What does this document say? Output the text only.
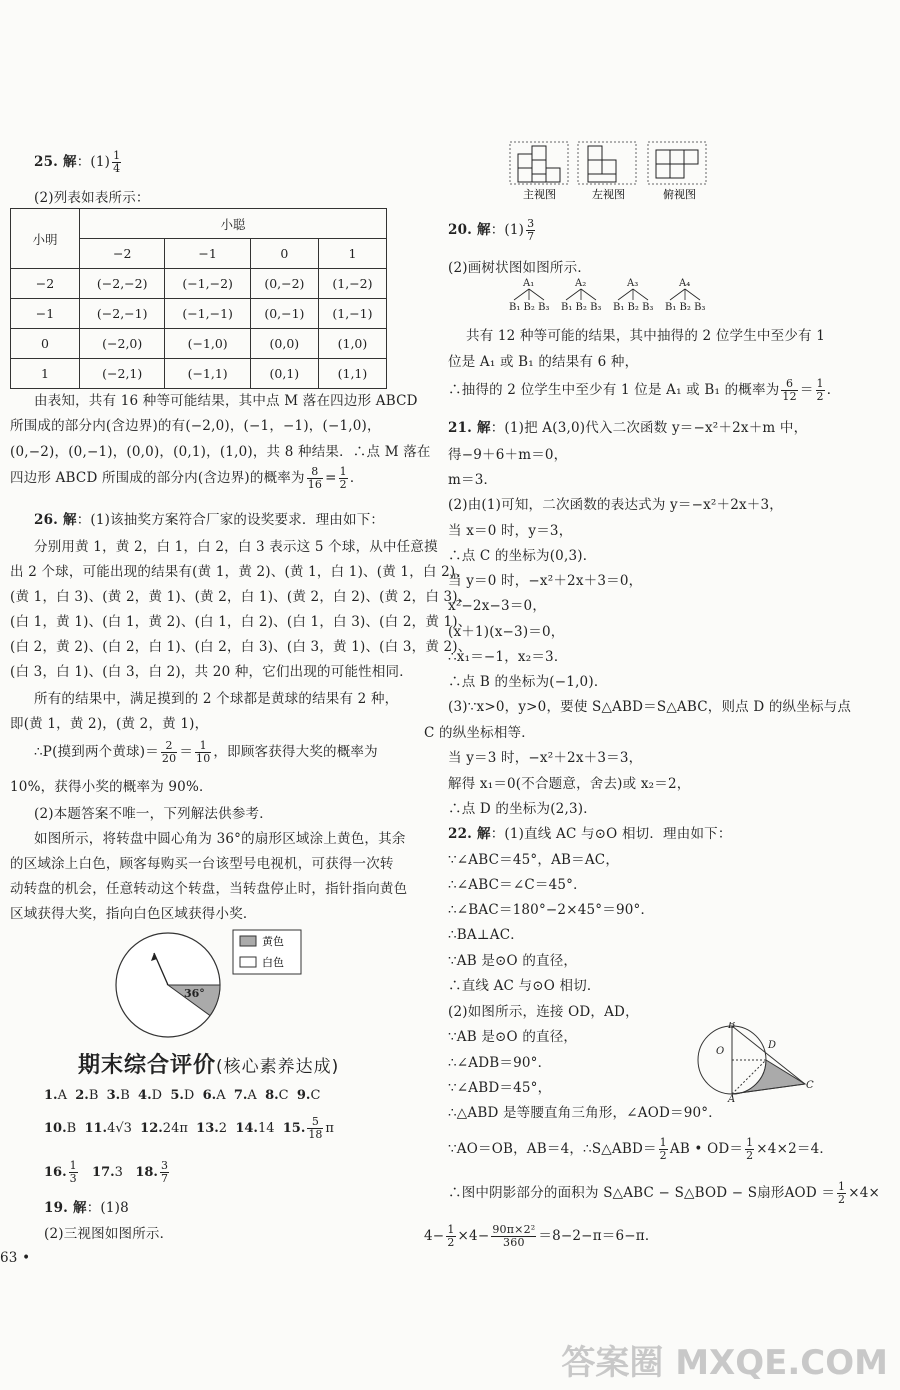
25. 解：$(1) \frac{1}{4}$
(2)列表如表所示：
小明	小聪			
	−2	−1	0	1
−2	(−2,−2)	(−1,−2)	(0,−2)	(1,−2)
−1	(−2,−1)	(−1,−1)	(0,−1)	(1,−1)
0	(−2,0)	(−1,0)	(0,0)	(1,0)
1	(−2,1)	(−1,1)	(0,1)	(1,1)
由表知，共有 16 种等可能结果，其中点 M 落在四边形 ABCD
所围成的部分内(含边界)的有(−2,0)，(−1，−1)，(−1,0)，
(0,−2)，(0,−1)，(0,0)，(0,1)，(1,0)，共 8 种结果．∴点 M 落在
四边形 ABCD 所围成的部分内(含边界)的概率为 $\frac{8}{16} = \frac{1}{2}$ ．
26. 解：(1)该抽奖方案符合厂家的设奖要求．理由如下：
分别用黄 1，黄 2，白 1，白 2，白 3 表示这 5 个球，从中任意摸
出 2 个球，可能出现的结果有(黄 1，黄 2)、(黄 1，白 1)、(黄 1，白 2)、
(黄 1，白 3)、(黄 2，黄 1)、(黄 2，白 1)、(黄 2，白 2)、(黄 2，白 3)、
(白 1，黄 1)、(白 1，黄 2)、(白 1，白 2)、(白 1，白 3)、(白 2，黄 1)、
(白 2，黄 2)、(白 2，白 1)、(白 2，白 3)、(白 3，黄 1)、(白 3，黄 2)、
(白 3，白 1)、(白 3，白 2)，共 20 种，它们出现的可能性相同．
所有的结果中，满足摸到的 2 个球都是黄球的结果有 2 种，
即(黄 1，黄 2)，(黄 2，黄 1)，
∴P(摸到两个黄球)＝ $\frac{2}{20} = \frac{1}{10}$ ，即顾客获得大奖的概率为
10%，获得小奖的概率为 90%．
(2)本题答案不唯一，下列解法供参考．
如图所示，将转盘中圆心角为 36°的扇形区域涂上黄色，其余
的区域涂上白色，顾客每购买一台该型号电视机，可获得一次转
动转盘的机会，任意转动这个转盘，当转盘停止时，指针指向黄色
区域获得大奖，指向白色区域获得小奖．
36°
黄色
白色
期末综合评价(核心素养达成)
1.A 2.B 3.B 4.D 5.D 6.A 7.A 8.C 9.C
10.B 11.4√3 12.24π 13.2 14.14 15. $\frac{5}{18}$ π
16. $\frac{1}{3} 17.3$ 18. $\frac{3}{7}$
19. 解：(1)8
(2)三视图如图所示．
63 •
主视图	左视图	俯视图
20. 解：$(1) \frac{3}{7}$
(2)画树状图如图所示．
A₁	A₂	A₃	A₄
B₁ B₂ B₃ B₁ B₂ B₃ B₁ B₂ B₃ B₁ B₂ B₃
共有 12 种等可能的结果，其中抽得的 2 位学生中至少有 1
位是 A₁ 或 B₁ 的结果有 6 种，
∴抽得的 2 位学生中至少有 1 位是 A₁ 或 B₁ 的概率为 $\frac{6}{12} = \frac{1}{2}$ ．
21. 解：(1)把 A(3,0)代入二次函数 y＝−x²＋2x＋m 中，
得−9＋6＋m＝0，
m＝3．
(2)由(1)可知，二次函数的表达式为 y＝−x²＋2x＋3，
当 x＝0 时，y＝3，
∴点 C 的坐标为(0,3)．
当 y＝0 时，−x²＋2x＋3＝0，
x²−2x−3＝0，
(x＋1)(x−3)＝0，
∴x₁＝−1，x₂＝3．
∴点 B 的坐标为(−1,0)．
(3)∵x>0，y>0，要使 S△ABD＝S△ABC，则点 D 的纵坐标与点
C 的纵坐标相等．
当 y＝3 时，−x²＋2x＋3＝3，
解得 x₁＝0(不合题意，舍去)或 x₂＝2，
∴点 D 的坐标为(2,3)．
22. 解：(1)直线 AC 与⊙O 相切．理由如下：
∵∠ABC＝45°，AB＝AC，
∴∠ABC＝∠C＝45°．
∴∠BAC＝180°−2×45°＝90°．
∴BA⊥AC．
∵AB 是⊙O 的直径，
∴直线 AC 与⊙O 相切．
(2)如图所示，连接 OD，AD，
∵AB 是⊙O 的直径，
∴∠ADB＝90°．
∵∠ABD＝45°，
∴△ABD 是等腰直角三角形，∠AOD＝90°．
B
O
D
A
C
∵AO＝OB，AB＝4，∴S△ABD＝ $\frac{1}{2}$ AB • $OD= \frac{1}{2} \times 4\times 2=4$．
∴图中阴影部分的面积为 S△ABC − S△BOD − S扇形AOD ＝ $\frac{1}{2} \times 4\times$
$4- \frac{1}{2} \times 4- \frac{\text{90π×2²}}{360} =8-2-\pi=6-\pi$．
答案圈 MXQE.COM
